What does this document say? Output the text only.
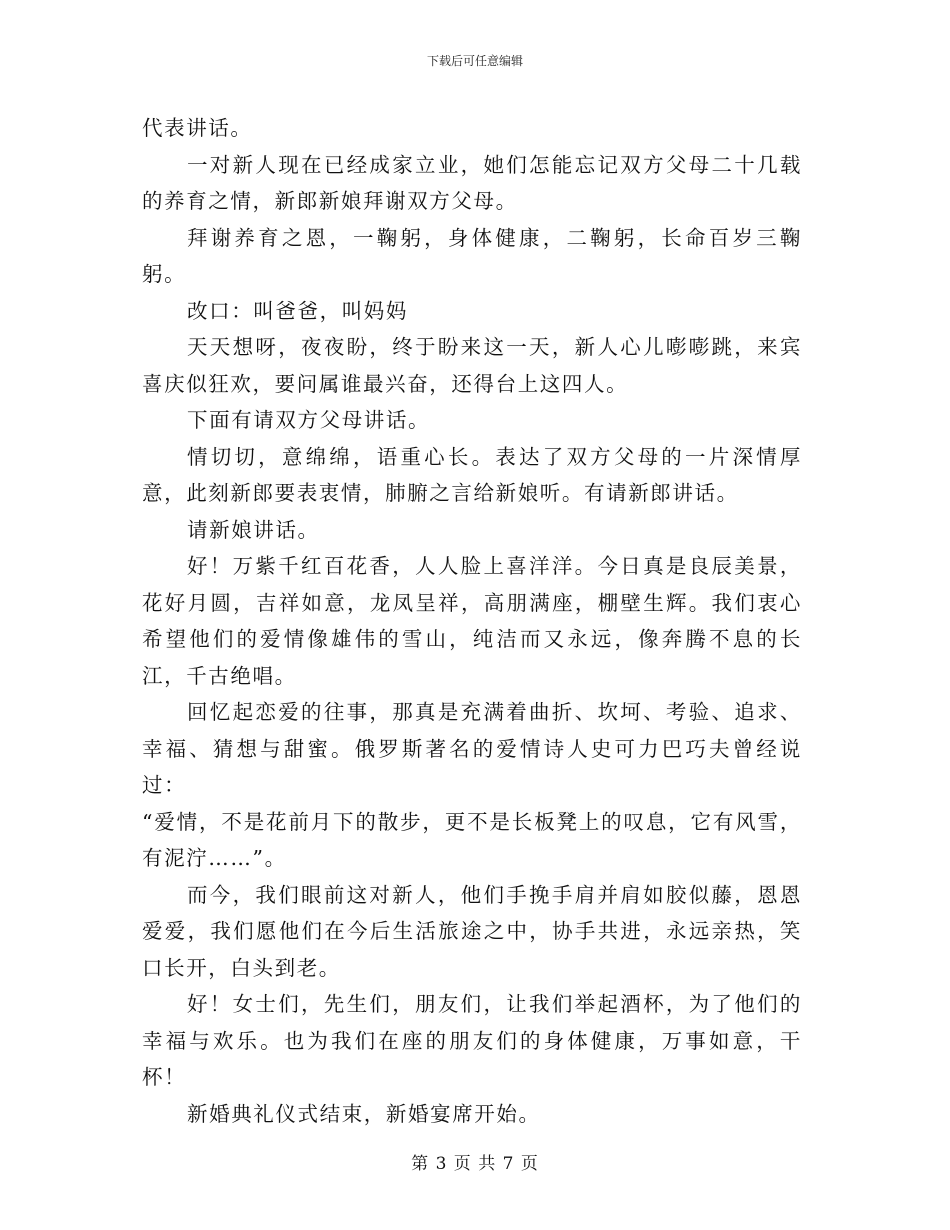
下载后可任意编辑

代表讲话。

一对新人现在已经成家立业，她们怎能忘记双方父母二十几载的养育之情，新郎新娘拜谢双方父母。

拜谢养育之恩，一鞠躬，身体健康，二鞠躬，长命百岁三鞠躬。

改口：叫爸爸，叫妈妈

天天想呀，夜夜盼，终于盼来这一天，新人心儿嘭嘭跳，来宾喜庆似狂欢，要问属谁最兴奋，还得台上这四人。

下面有请双方父母讲话。

情切切，意绵绵，语重心长。表达了双方父母的一片深情厚意，此刻新郎要表衷情，肺腑之言给新娘听。有请新郎讲话。

请新娘讲话。

好！万紫千红百花香，人人脸上喜洋洋。今日真是良辰美景，花好月圆，吉祥如意，龙凤呈祥，高朋满座，棚壁生辉。我们衷心希望他们的爱情像雄伟的雪山，纯洁而又永远，像奔腾不息的长江，千古绝唱。

回忆起恋爱的往事，那真是充满着曲折、坎坷、考验、追求、幸福、猜想与甜蜜。俄罗斯著名的爱情诗人史可力巴巧夫曾经说过：

“爱情，不是花前月下的散步，更不是长板凳上的叹息，它有风雪，有泥泞……”。

而今，我们眼前这对新人，他们手挽手肩并肩如胶似藤，恩恩爱爱，我们愿他们在今后生活旅途之中，协手共进，永远亲热，笑口长开，白头到老。

好！女士们，先生们，朋友们，让我们举起酒杯，为了他们的幸福与欢乐。也为我们在座的朋友们的身体健康，万事如意，干杯！

新婚典礼仪式结束，新婚宴席开始。

第 3 页 共 7 页
